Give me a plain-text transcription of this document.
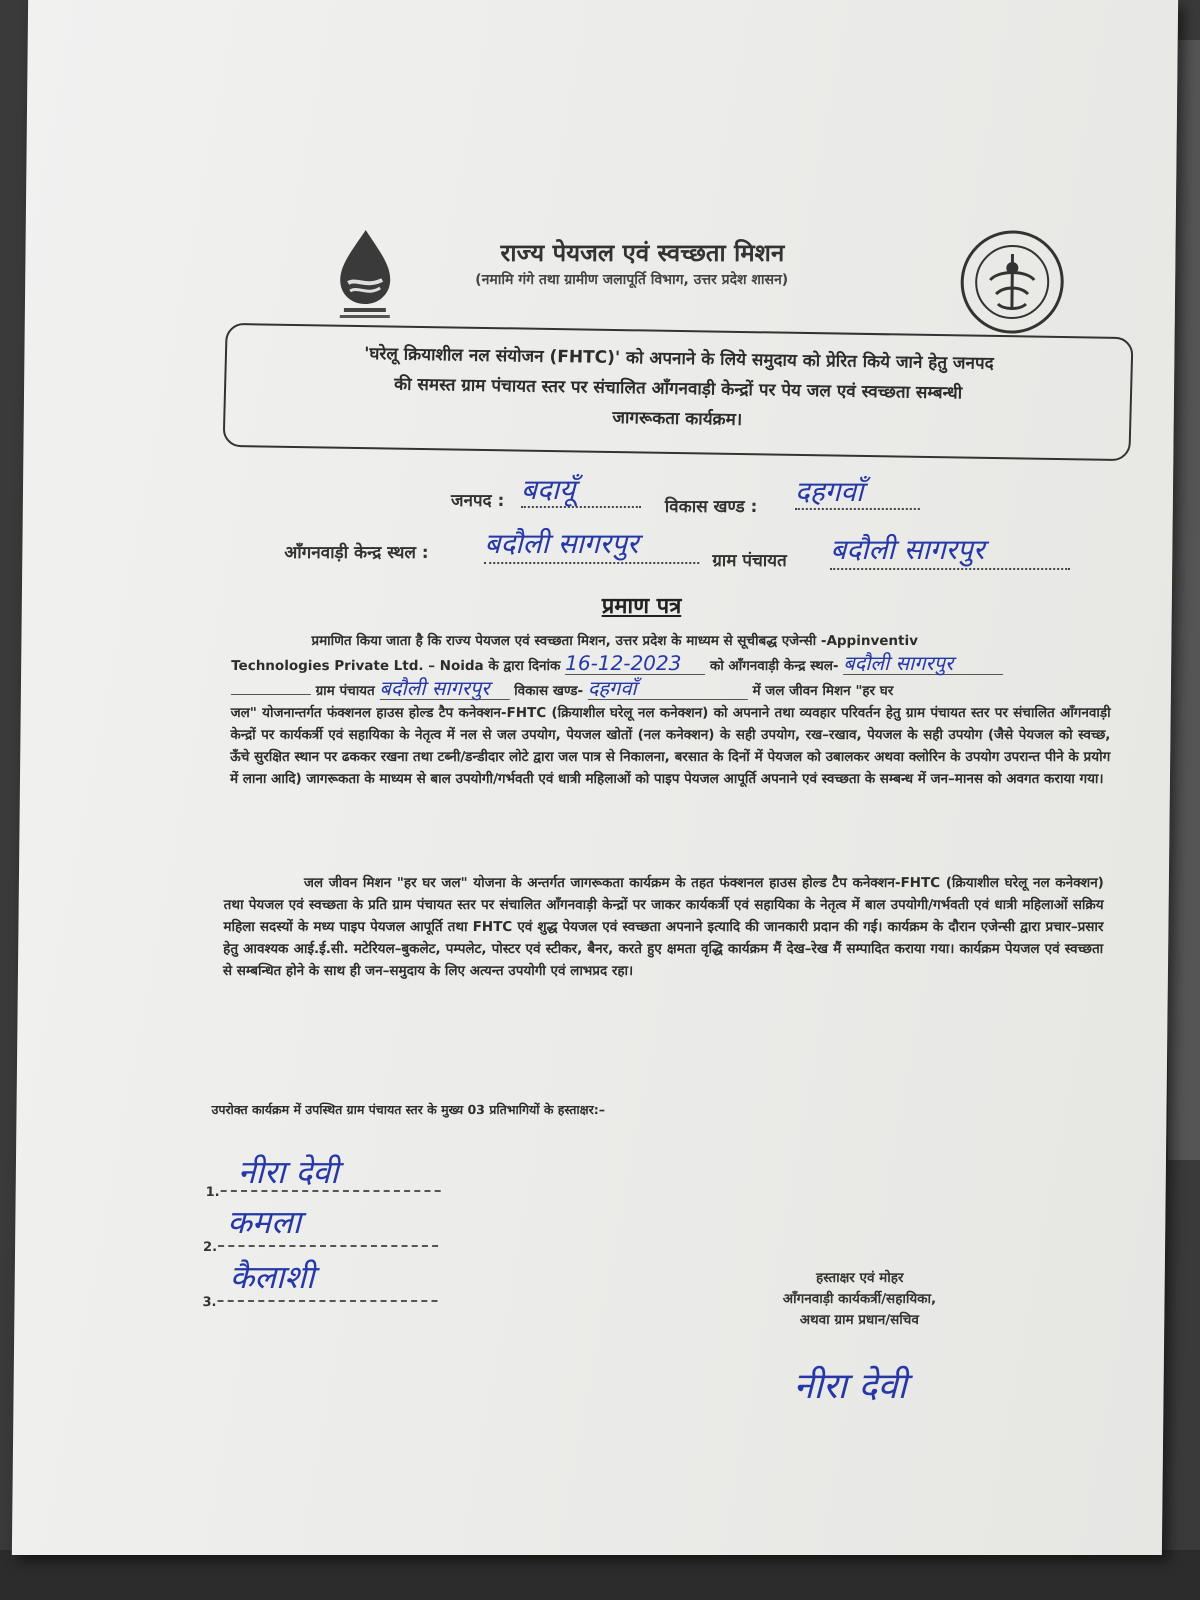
राज्य पेयजल एवं स्वच्छता मिशन
(नमामि गंगे तथा ग्रामीण जलापूर्ति विभाग, उत्तर प्रदेश शासन)
'घरेलू क्रियाशील नल संयोजन (FHTC)' को अपनाने के लिये समुदाय को प्रेरित किये जाने हेतु जनपद
की समस्त ग्राम पंचायत स्तर पर संचालित आँगनवाड़ी केन्द्रों पर पेय जल एवं स्वच्छता सम्बन्धी
जागरूकता कार्यक्रम।
जनपद : बदायूँ
विकास खण्ड : दहगवाँ
आँगनवाड़ी केन्द्र स्थल : बदौली सागरपुर
ग्राम पंचायत बदौली सागरपुर
प्रमाण पत्र
प्रमाणित किया जाता है कि राज्य पेयजल एवं स्वच्छता मिशन, उत्तर प्रदेश के माध्यम से सूचीबद्ध एजेन्सी -Appinventiv
Technologies Private Ltd. – Noida के द्वारा दिनांक 16-12-2023 को आँगनवाड़ी केन्द्र स्थल- बदौली सागरपुर
ग्राम पंचायत बदौली सागरपुर विकास खण्ड- दहगवाँ	में जल जीवन मिशन "हर घर
जल" योजनान्तर्गत फंक्शनल हाउस होल्ड टैप कनेक्शन-FHTC (क्रियाशील घरेलू नल कनेक्शन) को अपनाने तथा व्यवहार परिवर्तन हेतु ग्राम पंचायत स्तर पर संचालित आँगनवाड़ी केन्द्रों पर कार्यकर्त्री एवं सहायिका के नेतृत्व में नल से जल उपयोग, पेयजल खोतों (नल कनेक्शन) के सही उपयोग, रख–रखाव, पेयजल के सही उपयोग (जैसे पेयजल को स्वच्छ, ऊँचे सुरक्षित स्थान पर ढककर रखना तथा टब्नी/डन्डीदार लोटे द्वारा जल पात्र से निकालना, बरसात के दिनों में पेयजल को उबालकर अथवा क्लोरिन के उपयोग उपरान्त पीने के प्रयोग में लाना आदि) जागरूकता के माध्यम से बाल उपयोगी/गर्भवती एवं धात्री महिलाओं को पाइप पेयजल आपूर्ति अपनाने एवं स्वच्छता के सम्बन्ध में जन–मानस को अवगत कराया गया।
जल जीवन मिशन "हर घर जल" योजना के अन्तर्गत जागरूकता कार्यक्रम के तहत फंक्शनल हाउस होल्ड टैप कनेक्शन-FHTC (क्रियाशील घरेलू नल कनेक्शन) तथा पेयजल एवं स्वच्छता के प्रति ग्राम पंचायत स्तर पर संचालित आँगनवाड़ी केन्द्रों पर जाकर कार्यकर्त्री एवं सहायिका के नेतृत्व में बाल उपयोगी/गर्भवती एवं धात्री महिलाओं सक्रिय महिला सदस्यों के मध्य पाइप पेयजल आपूर्ति तथा FHTC एवं शुद्ध पेयजल एवं स्वच्छता अपनाने इत्यादि की जानकारी प्रदान की गई। कार्यक्रम के दौरान एजेन्सी द्वारा प्रचार–प्रसार हेतु आवश्यक आई.ई.सी. मटेरियल–बुकलेट, पम्पलेट, पोस्टर एवं स्टीकर, बैनर, करते हुए क्षमता वृद्धि कार्यक्रम मैं देख–रेख मैं सम्पादित कराया गया। कार्यक्रम पेयजल एवं स्वच्छता से सम्बन्धित होने के साथ ही जन–समुदाय के लिए अत्यन्त उपयोगी एवं लाभप्रद रहा।
उपरोक्त कार्यक्रम में उपस्थित ग्राम पंचायत स्तर के मुख्य 03 प्रतिभागियों के हस्ताक्षर:–
1.
नीरा देवी
2.
कमला
3.
कैलाशी	हस्ताक्षर एवं मोहर
आँगनवाड़ी कार्यकर्त्री/सहायिका,
अथवा ग्राम प्रधान/सचिव
नीरा देवी
